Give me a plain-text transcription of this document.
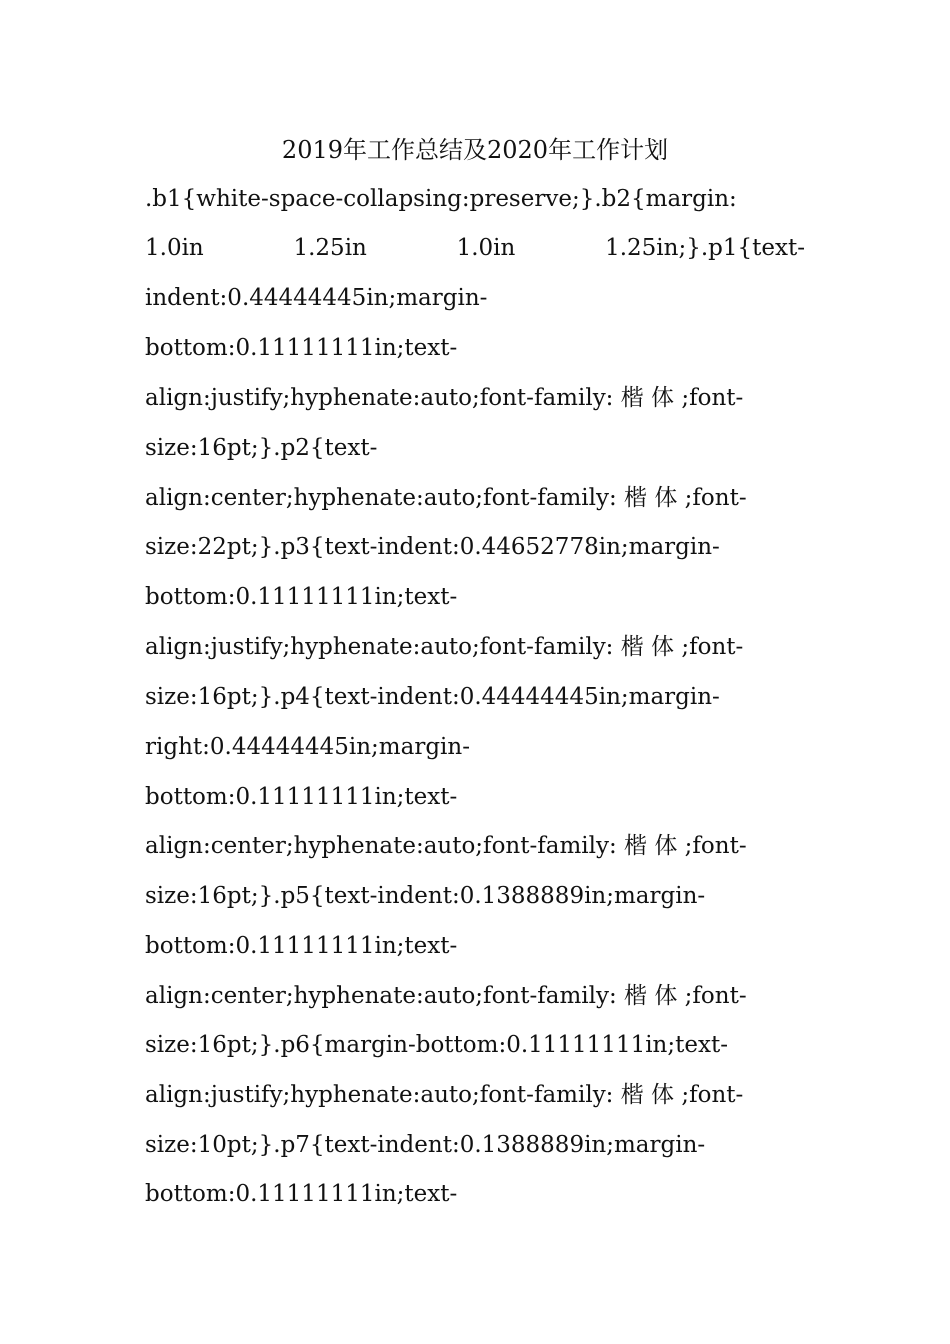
2019年工作总结及2020年工作计划
.b1{white-space-collapsing:preserve;}.b2{margin:
1.0in 1.25in 1.0in 1.25in;}.p1{text-
indent:0.44444445in;margin-
bottom:0.11111111in;text-
align:justify;hyphenate:auto;font-family: 楷 体 ;font-
size:16pt;}.p2{text-
align:center;hyphenate:auto;font-family: 楷 体 ;font-
size:22pt;}.p3{text-indent:0.44652778in;margin-
bottom:0.11111111in;text-
align:justify;hyphenate:auto;font-family: 楷 体 ;font-
size:16pt;}.p4{text-indent:0.44444445in;margin-
right:0.44444445in;margin-
bottom:0.11111111in;text-
align:center;hyphenate:auto;font-family: 楷 体 ;font-
size:16pt;}.p5{text-indent:0.1388889in;margin-
bottom:0.11111111in;text-
align:center;hyphenate:auto;font-family: 楷 体 ;font-
size:16pt;}.p6{margin-bottom:0.11111111in;text-
align:justify;hyphenate:auto;font-family: 楷 体 ;font-
size:10pt;}.p7{text-indent:0.1388889in;margin-
bottom:0.11111111in;text-
